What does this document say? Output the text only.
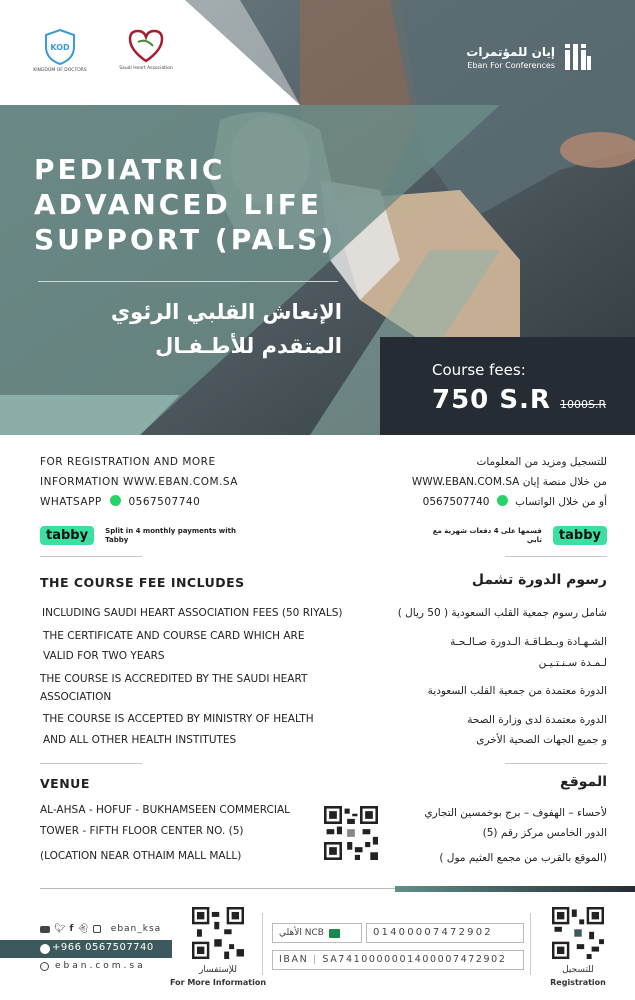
KOD
KINGDOM OF DOCTORS	Saudi Heart Association
إيان للمؤتمرات
Eban For Conferences
PEDIATRIC
ADVANCED LIFE
SUPPORT (PALS)
الإنعاش القلبي الرئوي المتقدم للأطـفـال
Course fees:
750 S.R 1000S.R
FOR REGISTRATION AND MORE
INFORMATION WWW.EBAN.COM.SA
WHATSAPP	0567507740
للتسجيل ومزيد من المعلومات
من خلال منصة إيان WWW.EBAN.COM.SA
أو من خلال الواتساب  0567507740
tabby Split in 4 monthly payments with Tabby	tabby قسمها على 4 دفعات شهرية مع تابي
THE COURSE FEE INCLUDES	رسوم الدورة تشمل
INCLUDING SAUDI HEART ASSOCIATION FEES (50 RIYALS)
THE CERTIFICATE AND COURSE CARD WHICH ARE
VALID FOR TWO YEARS
THE COURSE IS ACCREDITED BY THE SAUDI HEART
ASSOCIATION
THE COURSE IS ACCEPTED BY MINISTRY OF HEALTH
AND ALL OTHER HEALTH INSTITUTES
شامل رسوم جمعية القلب السعودية ( 50 ريال )
الشـهـادة وبـطـاقـة الـدورة صـالـحـة
لـمـدة سـنـتـيـن
الدورة معتمدة من جمعية القلب السعودية
الدورة معتمدة لدى وزارة الصحة
و جميع الجهات الصحية الأخرى
VENUE	الموقع
AL-AHSA - HOFUF - BUKHAMSEEN COMMERCIAL
TOWER - FIFTH FLOOR CENTER NO. (5)
(LOCATION NEAR OTHAIM MALL MALL)
لأحساء – الهفوف – برج بوخمسين التجاري
الدور الخامس مركز رقم (5)
(الموقع بالقرب من مجمع العثيم مول )
🐦︎ f 👻︎ eban_ksa
+966 0567507740
eban.com.sa	للإستفسار
For More Information
الأهلي NCB	01400007472902
IBAN | SA7410000001400007472902
للتسجيل
Registration
